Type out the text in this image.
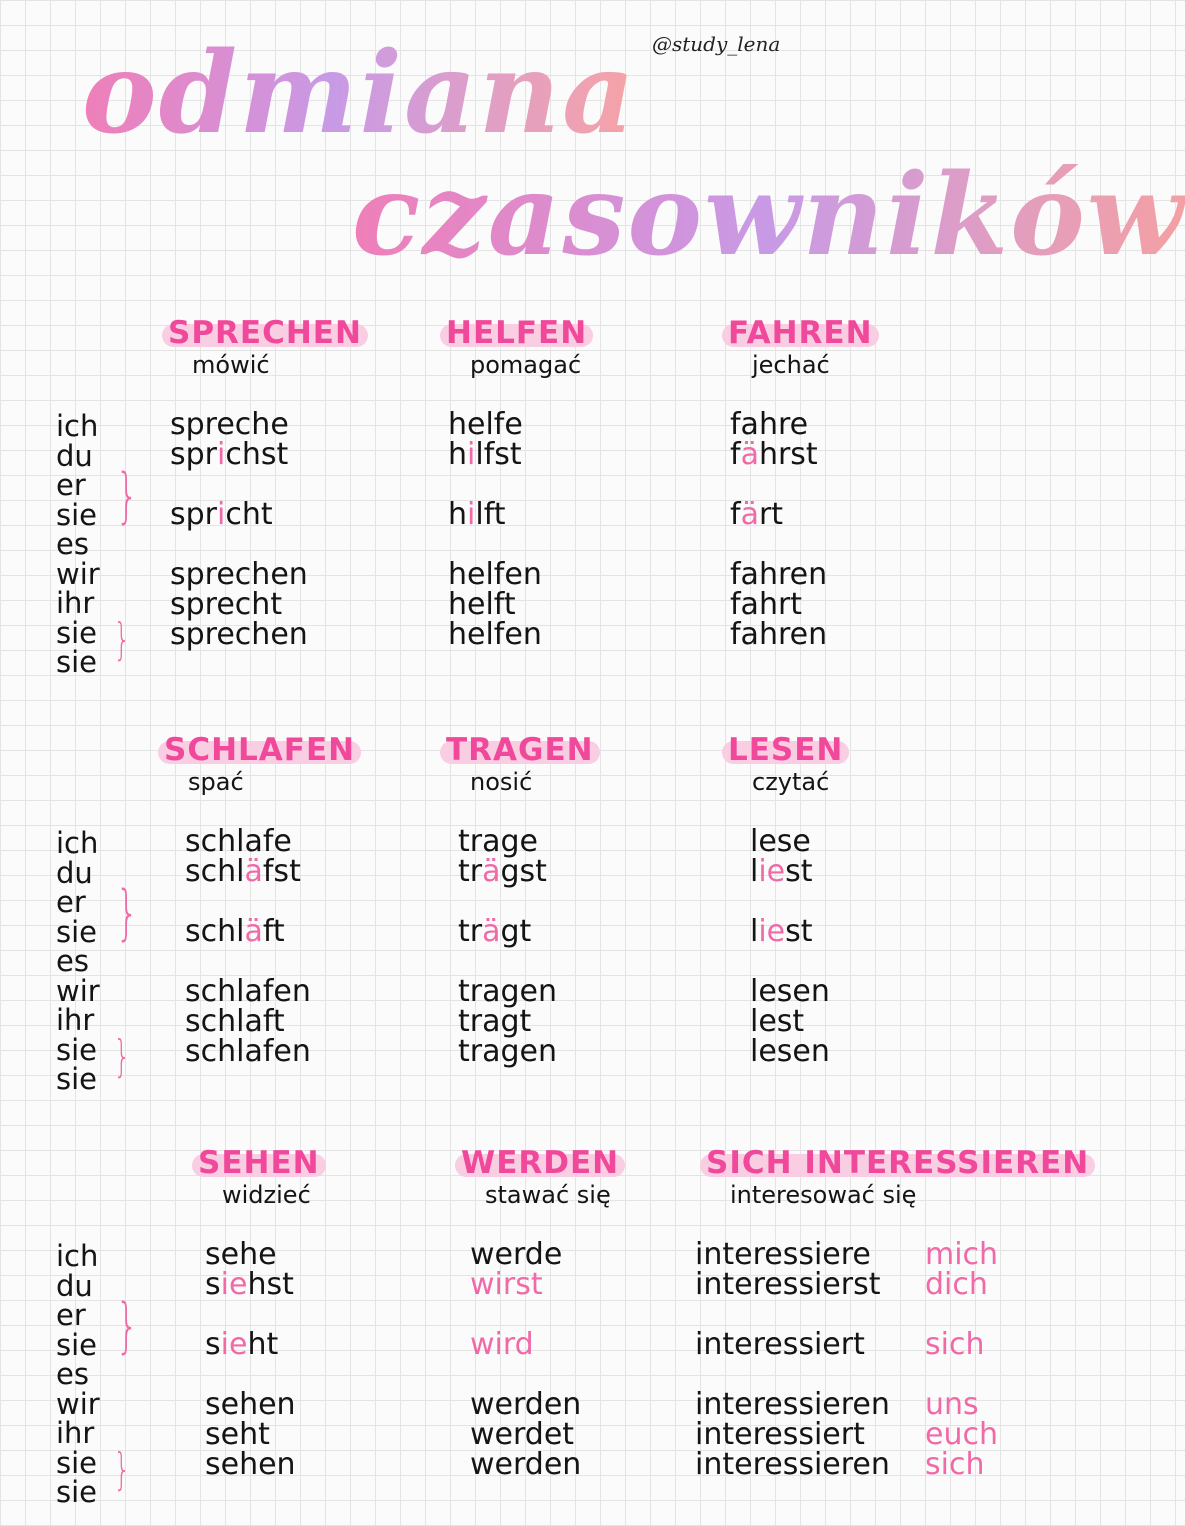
@study_lena
odmiana
czasowników
ich
du
er
sie
es
wir
ihr
sie
sie
}
}
SPRECHEN
mówić
spreche
sprichst
spricht
sprechen
sprecht
sprechen
HELFEN
pomagać
helfe
hilfst
hilft
helfen
helft
helfen
FAHREN
jechać
fahre
fährst
färt
fahren
fahrt
fahren
ich
du
er
sie
es
wir
ihr
sie
sie
}
}
SCHLAFEN
spać
schlafe
schläfst
schläft
schlafen
schlaft
schlafen
TRAGEN
nosić
trage
trägst
trägt
tragen
tragt
tragen
LESEN
czytać
lese
liest
liest
lesen
lest
lesen
ich
du
er
sie
es
wir
ihr
sie
sie
}
}
SEHEN
widzieć
sehe
siehst
sieht
sehen
seht
sehen
WERDEN
stawać się
werde
wirst
wird
werden
werdet
werden
SICH INTERESSIEREN
interesować się
interessiere
interessierst
interessiert
interessieren
interessiert
interessieren
mich
dich
sich
uns
euch
sich
